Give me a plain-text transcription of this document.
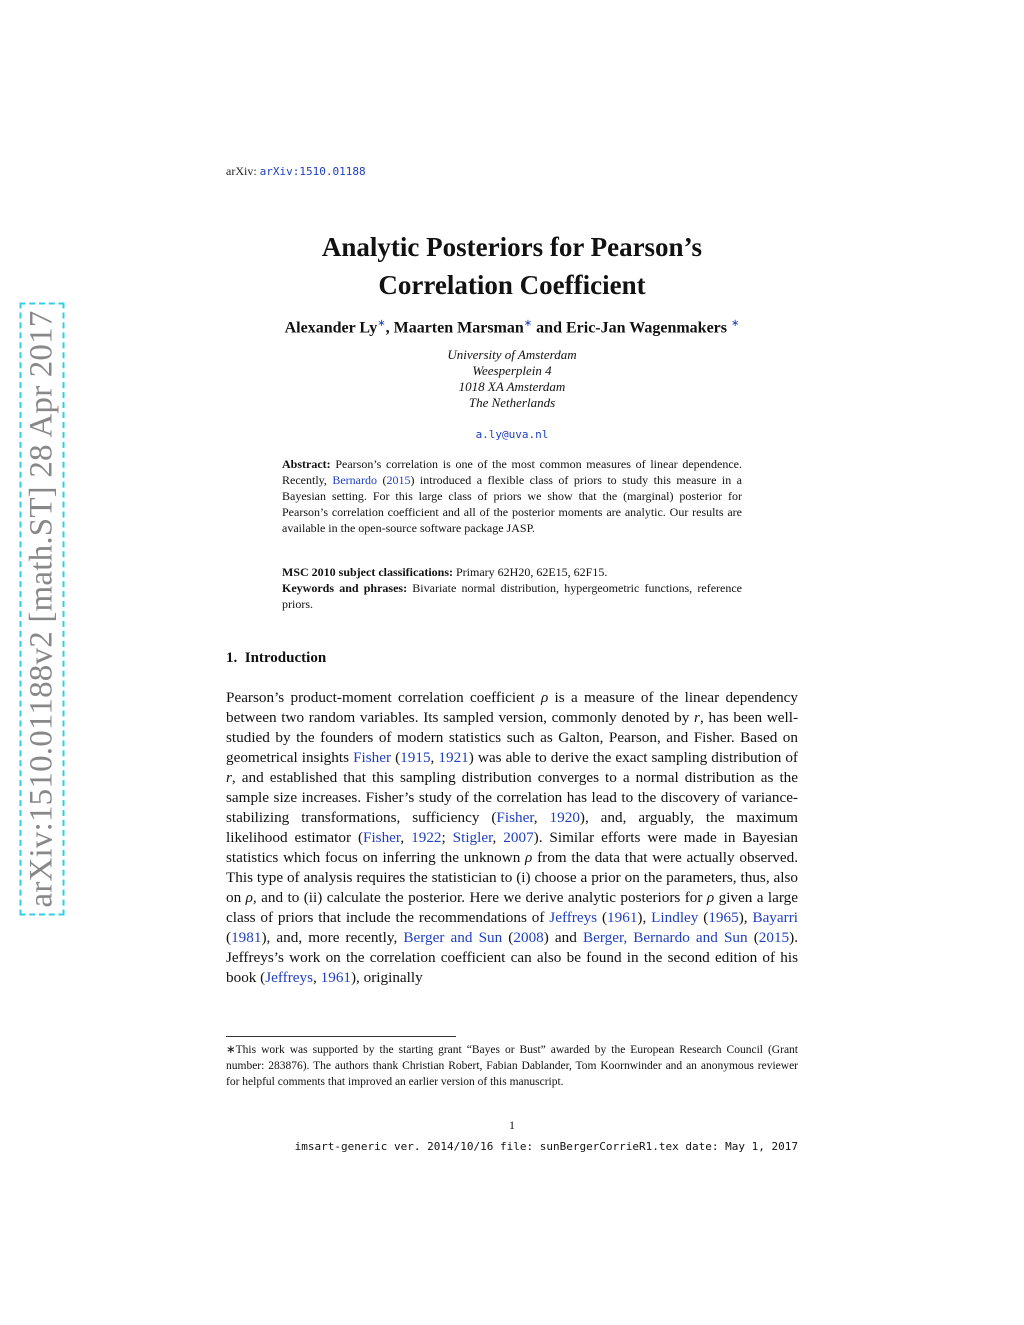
arXiv:1510.01188v2 [math.ST] 28 Apr 2017
arXiv: arXiv:1510.01188
Analytic Posteriors for Pearson’s
Correlation Coefficient
Alexander Ly∗, Maarten Marsman∗ and Eric-Jan Wagenmakers ∗
University of Amsterdam
Weesperplein 4
1018 XA Amsterdam
The Netherlands
a.ly@uva.nl
Abstract: Pearson’s correlation is one of the most common measures of linear dependence. Recently, Bernardo (2015) introduced a flexible class of priors to study this measure in a Bayesian setting. For this large class of priors we show that the (marginal) posterior for Pearson’s correlation coefficient and all of the posterior moments are analytic. Our results are available in the open-source software package JASP.
MSC 2010 subject classifications: Primary 62H20, 62E15, 62F15.
Keywords and phrases: Bivariate normal distribution, hypergeometric functions, reference priors.
1. Introduction

Pearson’s product-moment correlation coefficient ρ is a measure of the linear dependency between two random variables. Its sampled version, commonly denoted by r, has been well-studied by the founders of modern statistics such as Galton, Pearson, and Fisher. Based on geometrical insights Fisher (1915, 1921) was able to derive the exact sampling distribution of r, and established that this sampling distribution converges to a normal distribution as the sample size increases. Fisher’s study of the correlation has lead to the discovery of variance-stabilizing transformations, sufficiency (Fisher, 1920), and, arguably, the maximum likelihood estimator (Fisher, 1922; Stigler, 2007). Similar efforts were made in Bayesian statistics which focus on inferring the unknown ρ from the data that were actually observed. This type of analysis requires the statistician to (i) choose a prior on the parameters, thus, also on ρ, and to (ii) calculate the posterior. Here we derive analytic posteriors for ρ given a large class of priors that include the recommendations of Jeffreys (1961), Lindley (1965), Bayarri (1981), and, more recently, Berger and Sun (2008) and Berger, Bernardo and Sun (2015). Jeffreys’s work on the correlation coefficient can also be found in the second edition of his book (Jeffreys, 1961), originally

∗This work was supported by the starting grant “Bayes or Bust” awarded by the European Research Council (Grant number: 283876). The authors thank Christian Robert, Fabian Dablander, Tom Koornwinder and an anonymous reviewer for helpful comments that improved an earlier version of this manuscript.
1
imsart-generic ver. 2014/10/16 file: sunBergerCorrieR1.tex date: May 1, 2017
